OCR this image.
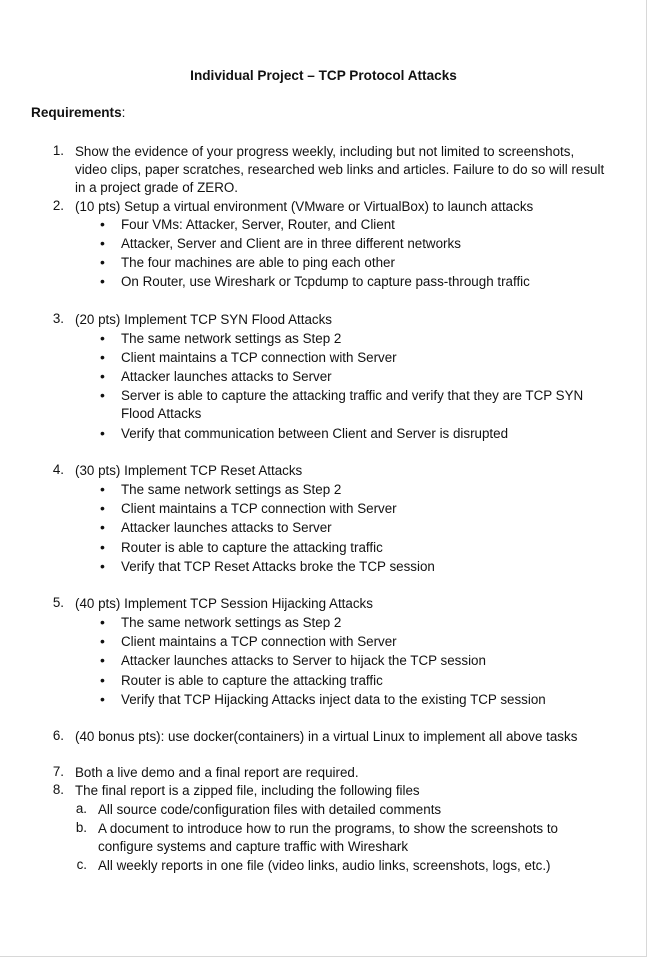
Individual Project – TCP Protocol Attacks
Requirements:
1. Show the evidence of your progress weekly, including but not limited to screenshots,
video clips, paper scratches, researched web links and articles. Failure to do so will result
in a project grade of ZERO.
2. (10 pts) Setup a virtual environment (VMware or VirtualBox) to launch attacks
• Four VMs: Attacker, Server, Router, and Client
• Attacker, Server and Client are in three different networks
• The four machines are able to ping each other
• On Router, use Wireshark or Tcpdump to capture pass-through traffic
3. (20 pts) Implement TCP SYN Flood Attacks
• The same network settings as Step 2
• Client maintains a TCP connection with Server
• Attacker launches attacks to Server
• Server is able to capture the attacking traffic and verify that they are TCP SYN
Flood Attacks
• Verify that communication between Client and Server is disrupted
4. (30 pts) Implement TCP Reset Attacks
• The same network settings as Step 2
• Client maintains a TCP connection with Server
• Attacker launches attacks to Server
• Router is able to capture the attacking traffic
• Verify that TCP Reset Attacks broke the TCP session
5. (40 pts) Implement TCP Session Hijacking Attacks
• The same network settings as Step 2
• Client maintains a TCP connection with Server
• Attacker launches attacks to Server to hijack the TCP session
• Router is able to capture the attacking traffic
• Verify that TCP Hijacking Attacks inject data to the existing TCP session
6. (40 bonus pts): use docker(containers) in a virtual Linux to implement all above tasks
7. Both a live demo and a final report are required.
8. The final report is a zipped file, including the following files
a. All source code/configuration files with detailed comments
b. A document to introduce how to run the programs, to show the screenshots to
configure systems and capture traffic with Wireshark
c. All weekly reports in one file (video links, audio links, screenshots, logs, etc.)
